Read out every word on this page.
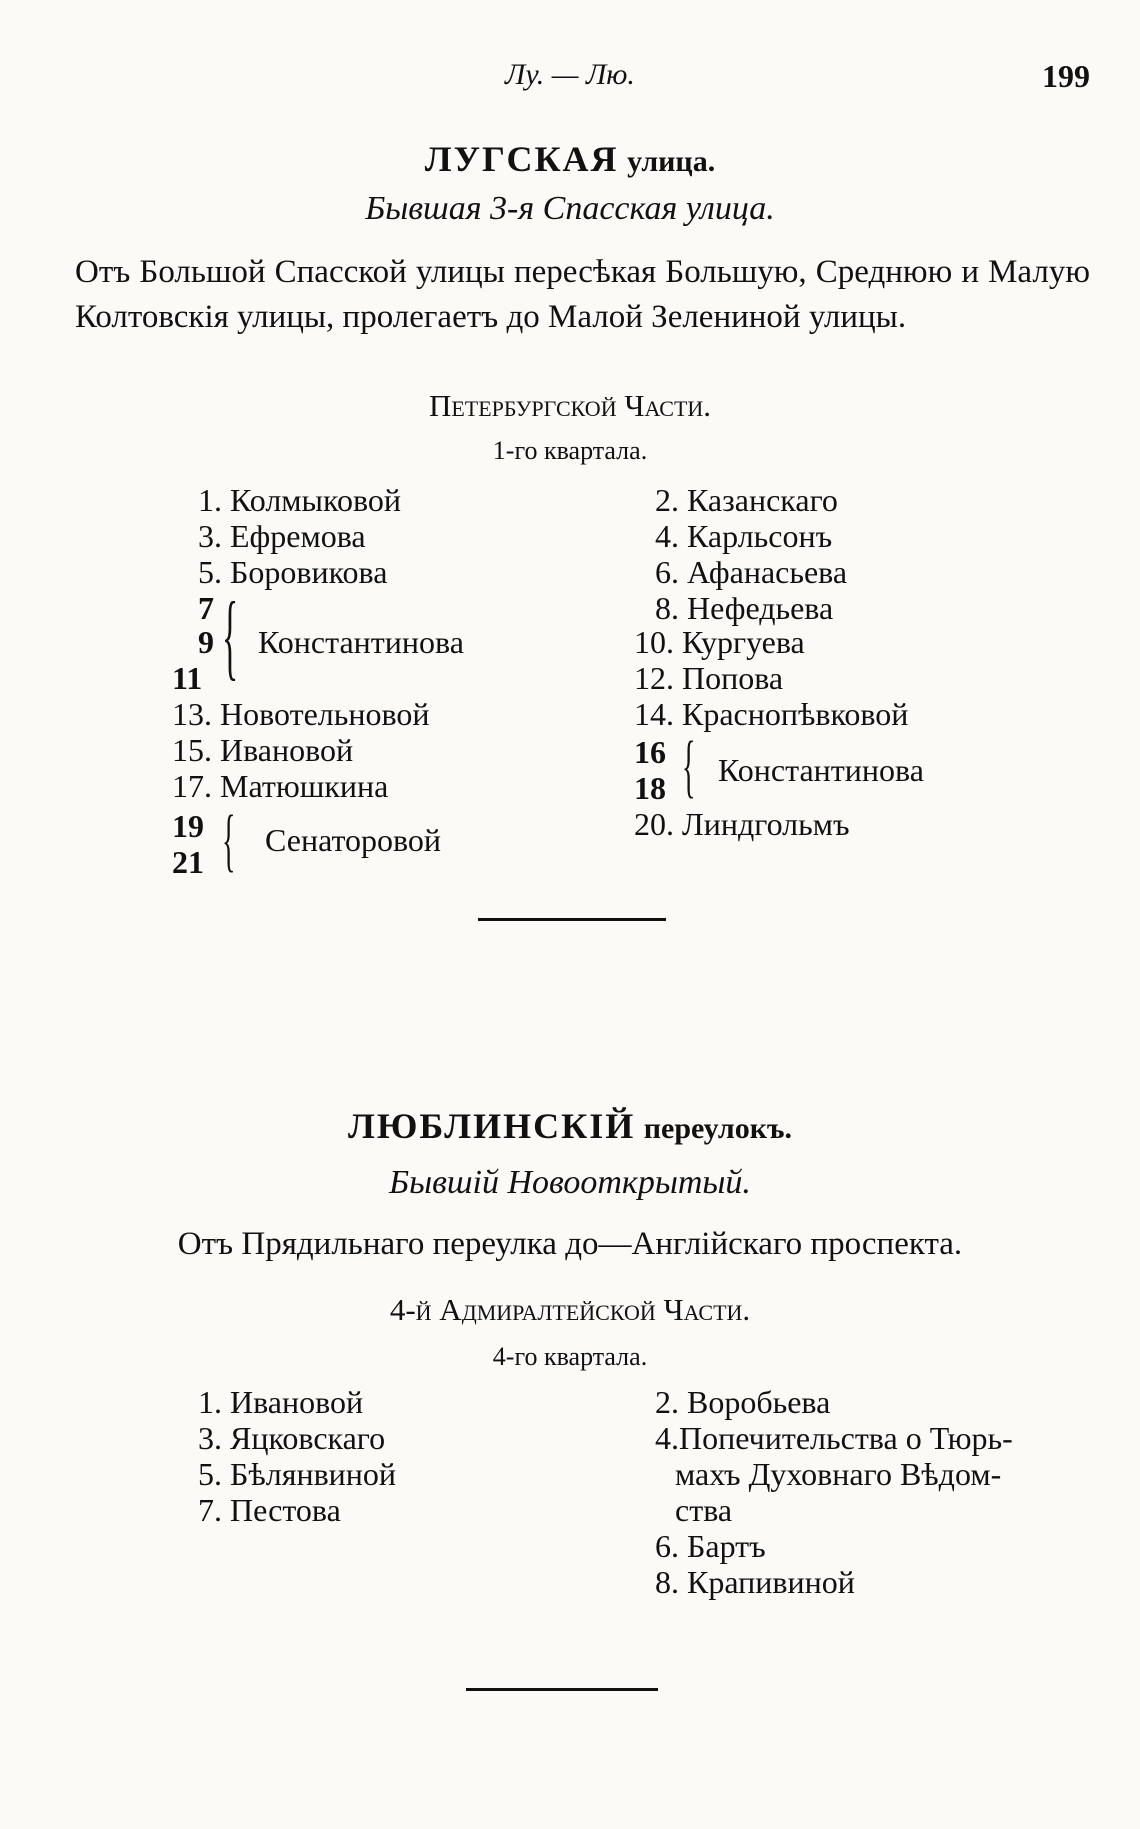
Лу. — Лю.	199
ЛУГСКАЯ улица.
Бывшая 3-я Спасская улица.
Отъ Большой Спасской улицы пересѣкая Большую, Среднюю и Малую Колтовскія улицы, пролегаетъ до Малой Зелениной улицы.
Петербургской Части.
1-го квартала.
1. Колмыковой
3. Ефремова
5. Боровикова
7
9
11 { Константинова
13. Новотельновой
15. Ивановой
17. Матюшкина
19
21 { Сенаторовой
2. Казанскаго
4. Карльсонъ
6. Афанасьева
8. Нефедьева
10. Кургуева
12. Попова
14. Краснопѣвковой
16
18 { Константинова
20. Линдгольмъ
ЛЮБЛИНСКІЙ переулокъ.
Бывшій Новооткрытый.
Отъ Прядильнаго переулка до—Англійскаго проспекта.
4-й Адмиралтейской Части.
4-го квартала.
1. Ивановой
3. Яцковскаго
5. Бѣлянвиной
7. Пестова
2. Воробьева
4.Попечительства о Тюрь-
махъ Духовнаго Вѣдом-
ства
6. Бартъ
8. Крапивиной
